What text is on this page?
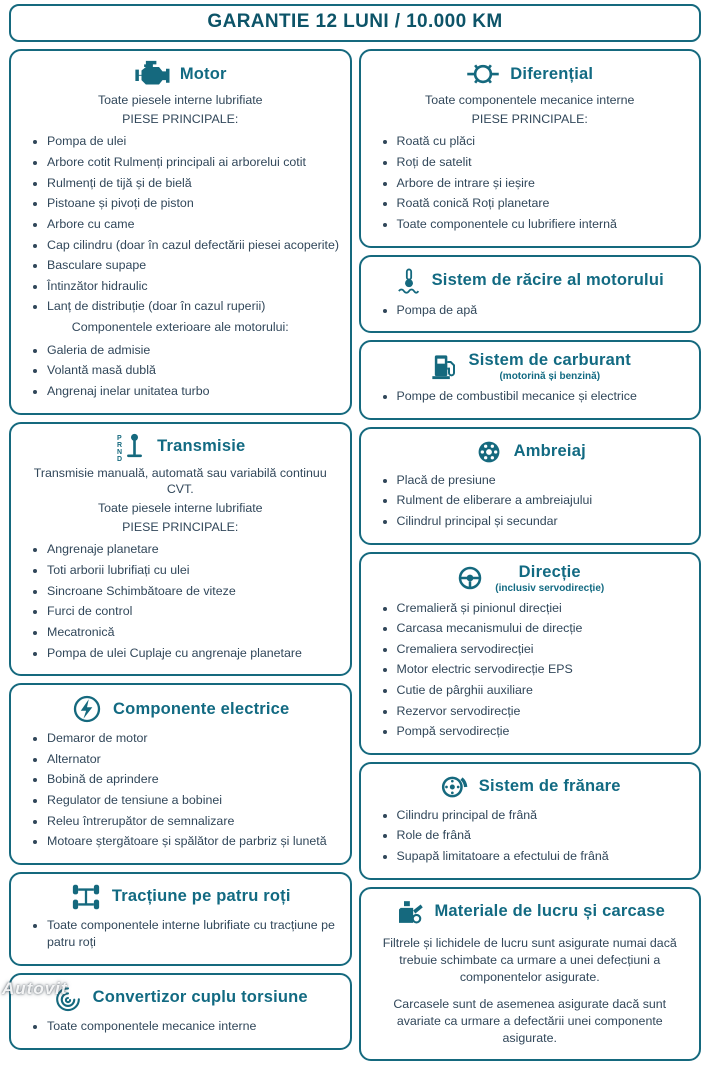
GARANTIE 12 LUNI / 10.000 KM
Motor

Toate piesele interne lubrifiate

PIESE PRINCIPALE:

• Pompa de ulei
• Arbore cotit Rulmenți principali ai arborelui cotit
• Rulmenți de tijă și de bielă
• Pistoane și pivoți de piston
• Arbore cu came
• Cap cilindru (doar în cazul defectării piesei acoperite)
• Basculare supape
• Întinzător hidraulic
• Lanț de distribuție (doar în cazul ruperii)

Componentele exterioare ale motorului:

• Galeria de admisie
• Volantă masă dublă
• Angrenaj inelar unitatea turbo
P
R
N
D
Transmisie

Transmisie manuală, automată sau variabilă continuu CVT.

Toate piesele interne lubrifiate

PIESE PRINCIPALE:

• Angrenaje planetare
• Toti arborii lubrifiați cu ulei
• Sincroane Schimbătoare de viteze
• Furci de control
• Mecatronică
• Pompa de ulei Cuplaje cu angrenaje planetare
Componente electrice
• Demaror de motor
• Alternator
• Bobină de aprindere
• Regulator de tensiune a bobinei
• Releu întrerupător de semnalizare
• Motoare ștergătoare și spălător de parbriz și lunetă
Tracțiune pe patru roți
• Toate componentele interne lubrifiate cu tracțiune pe patru roți
Convertizor cuplu torsiune
• Toate componentele mecanice interne
Diferențial

Toate componentele mecanice interne

PIESE PRINCIPALE:

• Roată cu plăci
• Roți de satelit
• Arbore de intrare și ieșire
• Roată conică Roți planetare
• Toate componentele cu lubrifiere internă
Sistem de răcire al motorului
• Pompa de apă
Sistem de carburant
(motorină și benzină)
• Pompe de combustibil mecanice și electrice
Ambreiaj
• Placă de presiune
• Rulment de eliberare a ambreiajului
• Cilindrul principal și secundar
Direcție
(inclusiv servodirecție)
• Cremalieră și pinionul direcției
• Carcasa mecanismului de direcție
• Cremaliera servodirecției
• Motor electric servodirecție EPS
• Cutie de pârghii auxiliare
• Rezervor servodirecție
• Pompă servodirecție
Sistem de frănare
• Cilindru principal de frână
• Role de frână
• Supapă limitatoare a efectului de frână
Materiale de lucru și carcase

Filtrele și lichidele de lucru sunt asigurate numai dacă trebuie schimbate ca urmare a unei defecțiuni a componentelor asigurate.

Carcasele sunt de asemenea asigurate dacă sunt avariate ca urmare a defectării unei componente asigurate.

Autovit
